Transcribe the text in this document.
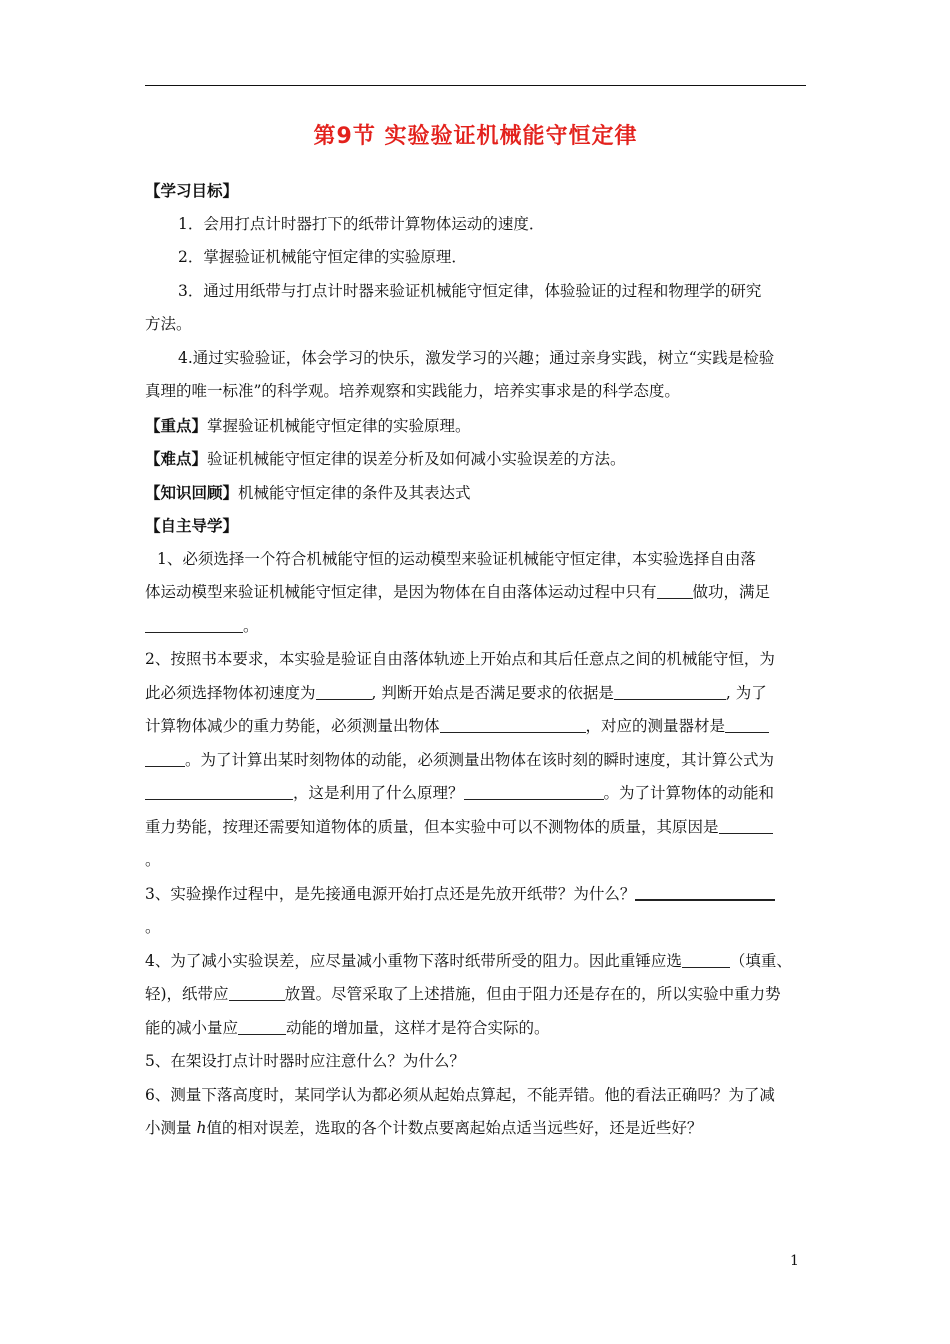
第9节 实验验证机械能守恒定律
【学习目标】
1．会用打点计时器打下的纸带计算物体运动的速度．
2．掌握验证机械能守恒定律的实验原理．
3．通过用纸带与打点计时器来验证机械能守恒定律，体验验证的过程和物理学的研究
方法。
4.通过实验验证，体会学习的快乐，激发学习的兴趣；通过亲身实践，树立“实践是检验
真理的唯一标准”的科学观。培养观察和实践能力，培养实事求是的科学态度。
【重点】掌握验证机械能守恒定律的实验原理。
【难点】验证机械能守恒定律的误差分析及如何减小实验误差的方法。
【知识回顾】机械能守恒定律的条件及其表达式
【自主导学】
1、必须选择一个符合机械能守恒的运动模型来验证机械能守恒定律，本实验选择自由落
体运动模型来验证机械能守恒定律，是因为物体在自由落体运动过程中只有 做功，满足
。
2、按照书本要求，本实验是验证自由落体轨迹上开始点和其后任意点之间的机械能守恒，为
此必须选择物体初速度为	, 判断开始点是否满足要求的依据是	, 为了
计算物体减少的重力势能，必须测量出物体	，对应的测量器材是
。为了计算出某时刻物体的动能，必须测量出物体在该时刻的瞬时速度，其计算公式为
，这是利用了什么原理？	。为了计算物体的动能和
重力势能，按理还需要知道物体的质量，但本实验中可以不测物体的质量，其原因是
。
3、实验操作过程中，是先接通电源开始打点还是先放开纸带？为什么？
。
4、为了减小实验误差，应尽量减小重物下落时纸带所受的阻力。因此重锤应选	（填重、
轻)，纸带应	放置。尽管采取了上述措施，但由于阻力还是存在的，所以实验中重力势
能的减小量应	动能的增加量，这样才是符合实际的。
5、在架设打点计时器时应注意什么？为什么？
6、测量下落高度时，某同学认为都必须从起始点算起，不能弄错。他的看法正确吗？为了减
小测量 h值的相对误差，选取的各个计数点要离起始点适当远些好，还是近些好？
1
